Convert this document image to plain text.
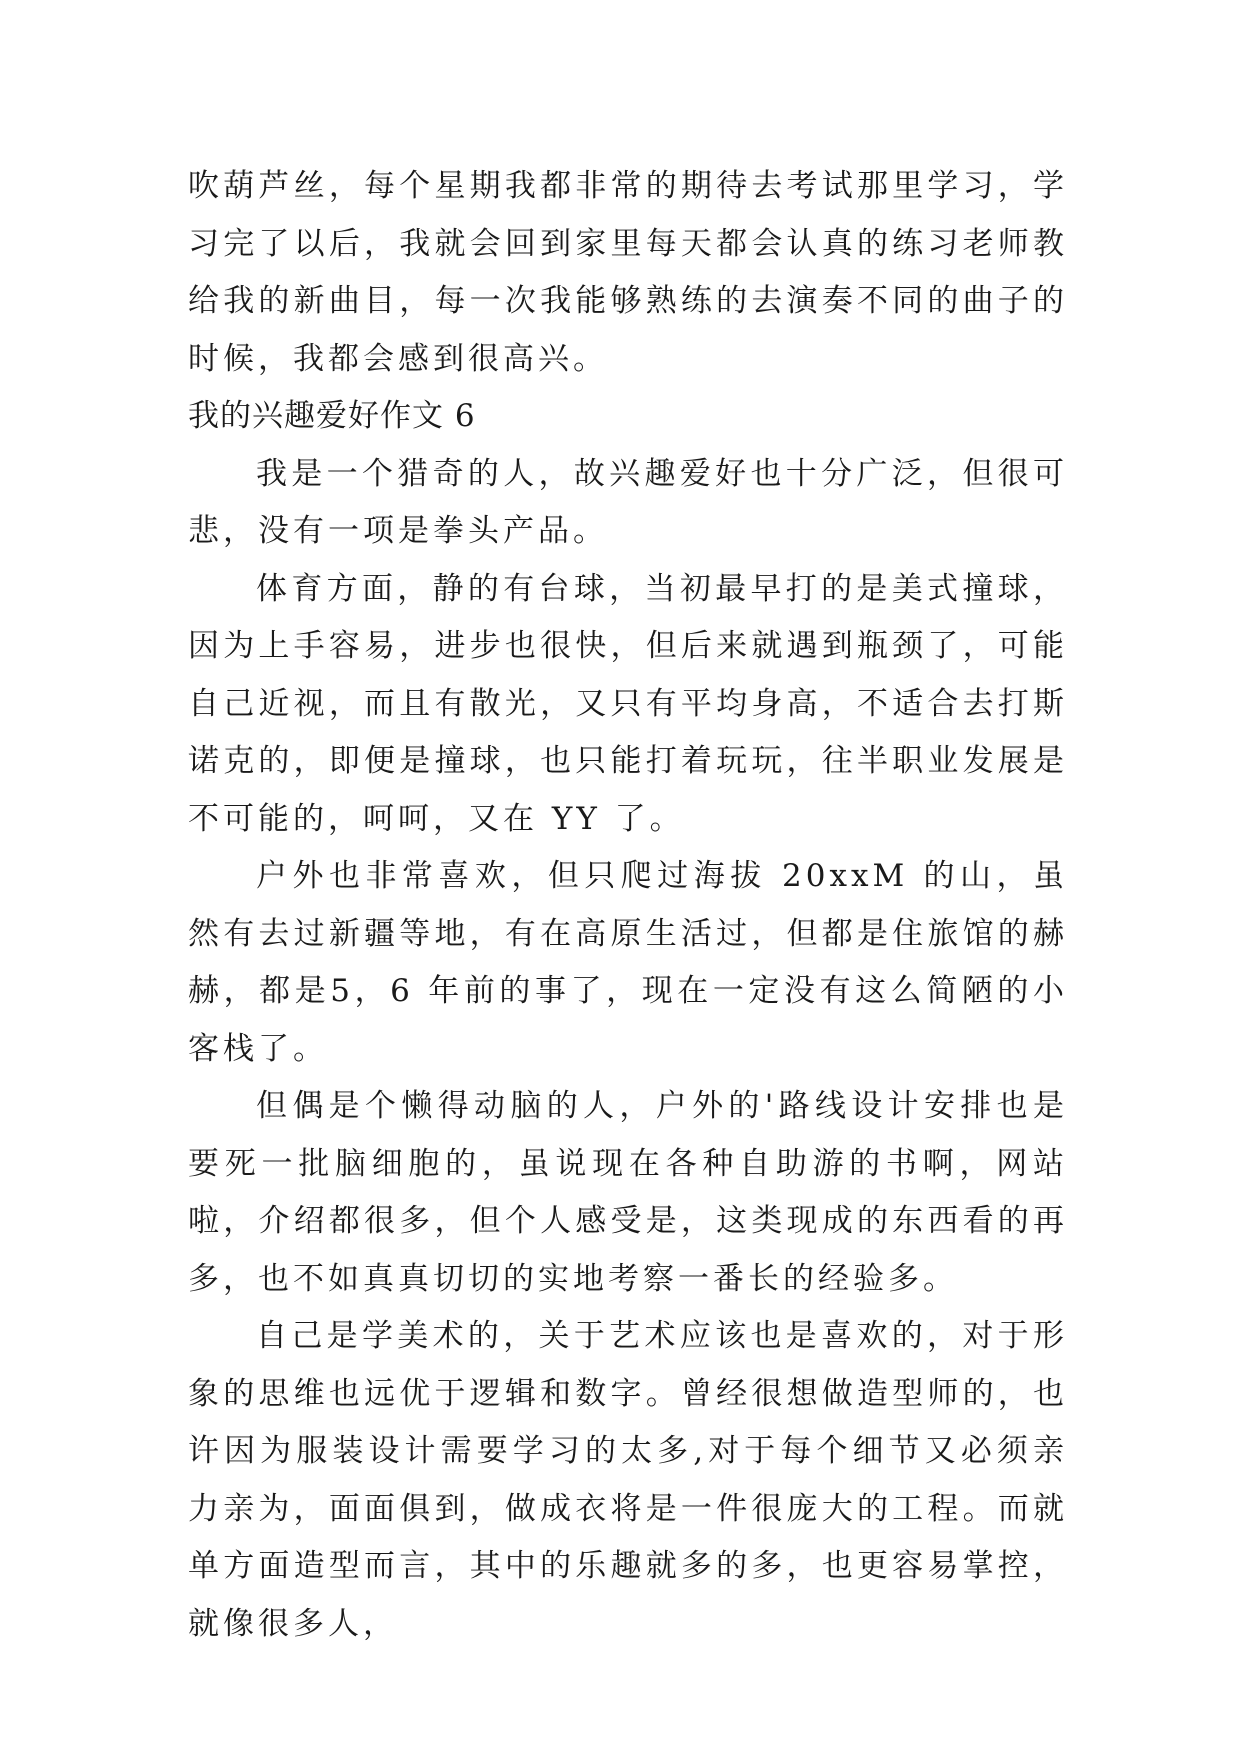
吹葫芦丝，每个星期我都非常的期待去考试那里学习，学习完了以后，我就会回到家里每天都会认真的练习老师教给我的新曲目，每一次我能够熟练的去演奏不同的曲子的时候，我都会感到很高兴。

我的兴趣爱好作文 6

我是一个猎奇的人，故兴趣爱好也十分广泛，但很可悲，没有一项是拳头产品。

体育方面，静的有台球，当初最早打的是美式撞球，因为上手容易，进步也很快，但后来就遇到瓶颈了，可能自己近视，而且有散光，又只有平均身高，不适合去打斯诺克的，即便是撞球，也只能打着玩玩，往半职业发展是不可能的，呵呵，又在 YY 了。

户外也非常喜欢，但只爬过海拔 20xxM 的山，虽然有去过新疆等地，有在高原生活过，但都是住旅馆的赫赫，都是5，6 年前的事了，现在一定没有这么简陋的小客栈了。

但偶是个懒得动脑的人，户外的'路线设计安排也是要死一批脑细胞的，虽说现在各种自助游的书啊，网站啦，介绍都很多，但个人感受是，这类现成的东西看的再多，也不如真真切切的实地考察一番长的经验多。

自己是学美术的，关于艺术应该也是喜欢的，对于形象的思维也远优于逻辑和数字。曾经很想做造型师的，也许因为服装设计需要学习的太多,对于每个细节又必须亲力亲为，面面俱到，做成衣将是一件很庞大的工程。而就单方面造型而言，其中的乐趣就多的多，也更容易掌控，就像很多人，
